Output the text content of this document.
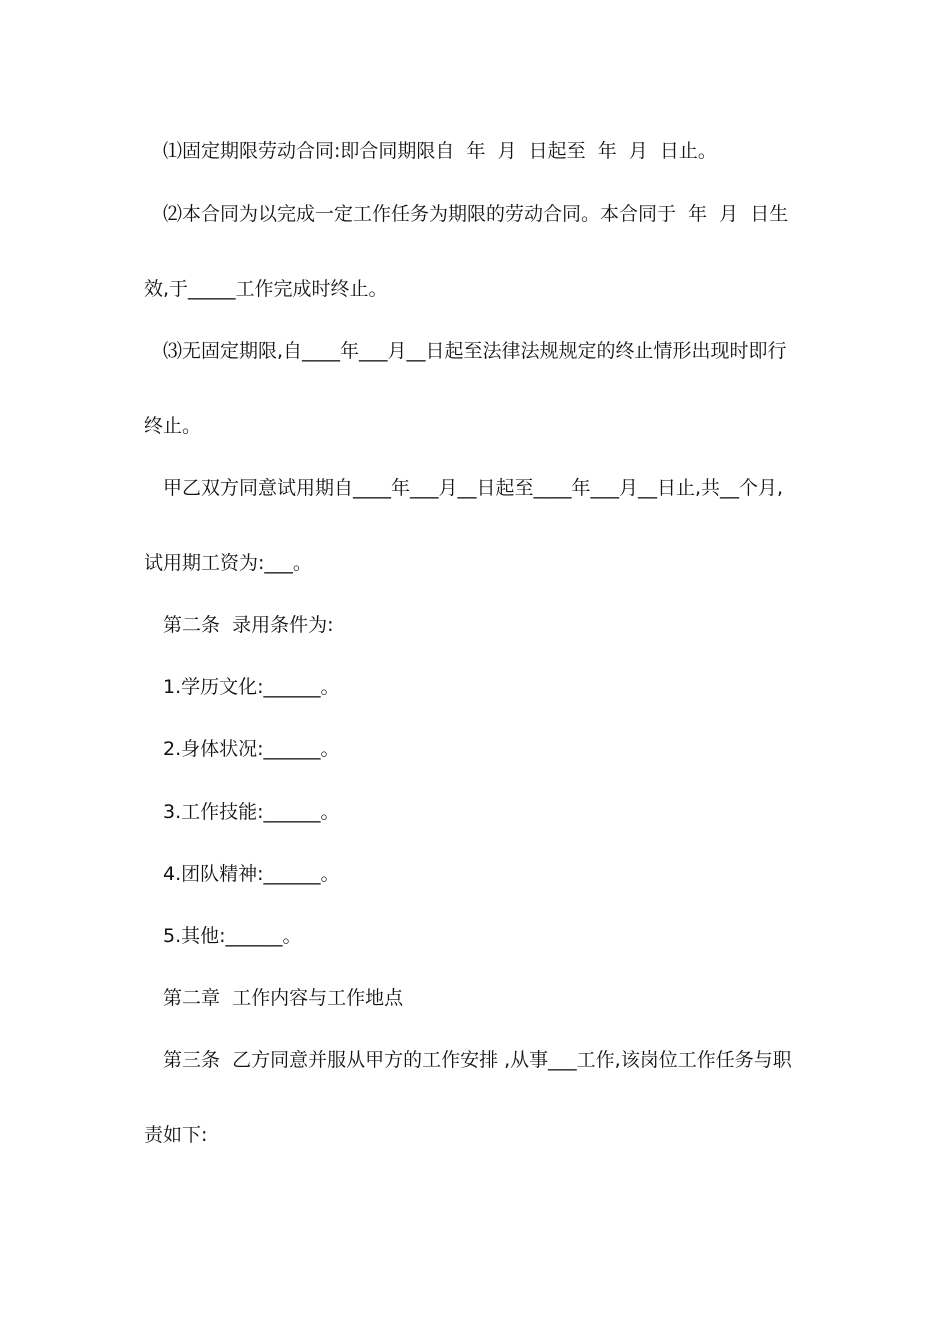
⑴固定期限劳动合同:即合同期限自  年  月  日起至  年  月  日止。
⑵本合同为以完成一定工作任务为期限的劳动合同。本合同于  年  月  日生
效,于_____工作完成时终止。
⑶无固定期限,自____年___月__日起至法律法规规定的终止情形出现时即行
终止。
甲乙双方同意试用期自____年___月__日起至____年___月__日止,共__个月,
试用期工资为:___。
第二条  录用条件为:
1.学历文化:______。
2.身体状况:______。
3.工作技能:______。
4.团队精神:______。
5.其他:______。
第二章  工作内容与工作地点
第三条  乙方同意并服从甲方的工作安排 ,从事___工作,该岗位工作任务与职
责如下:
